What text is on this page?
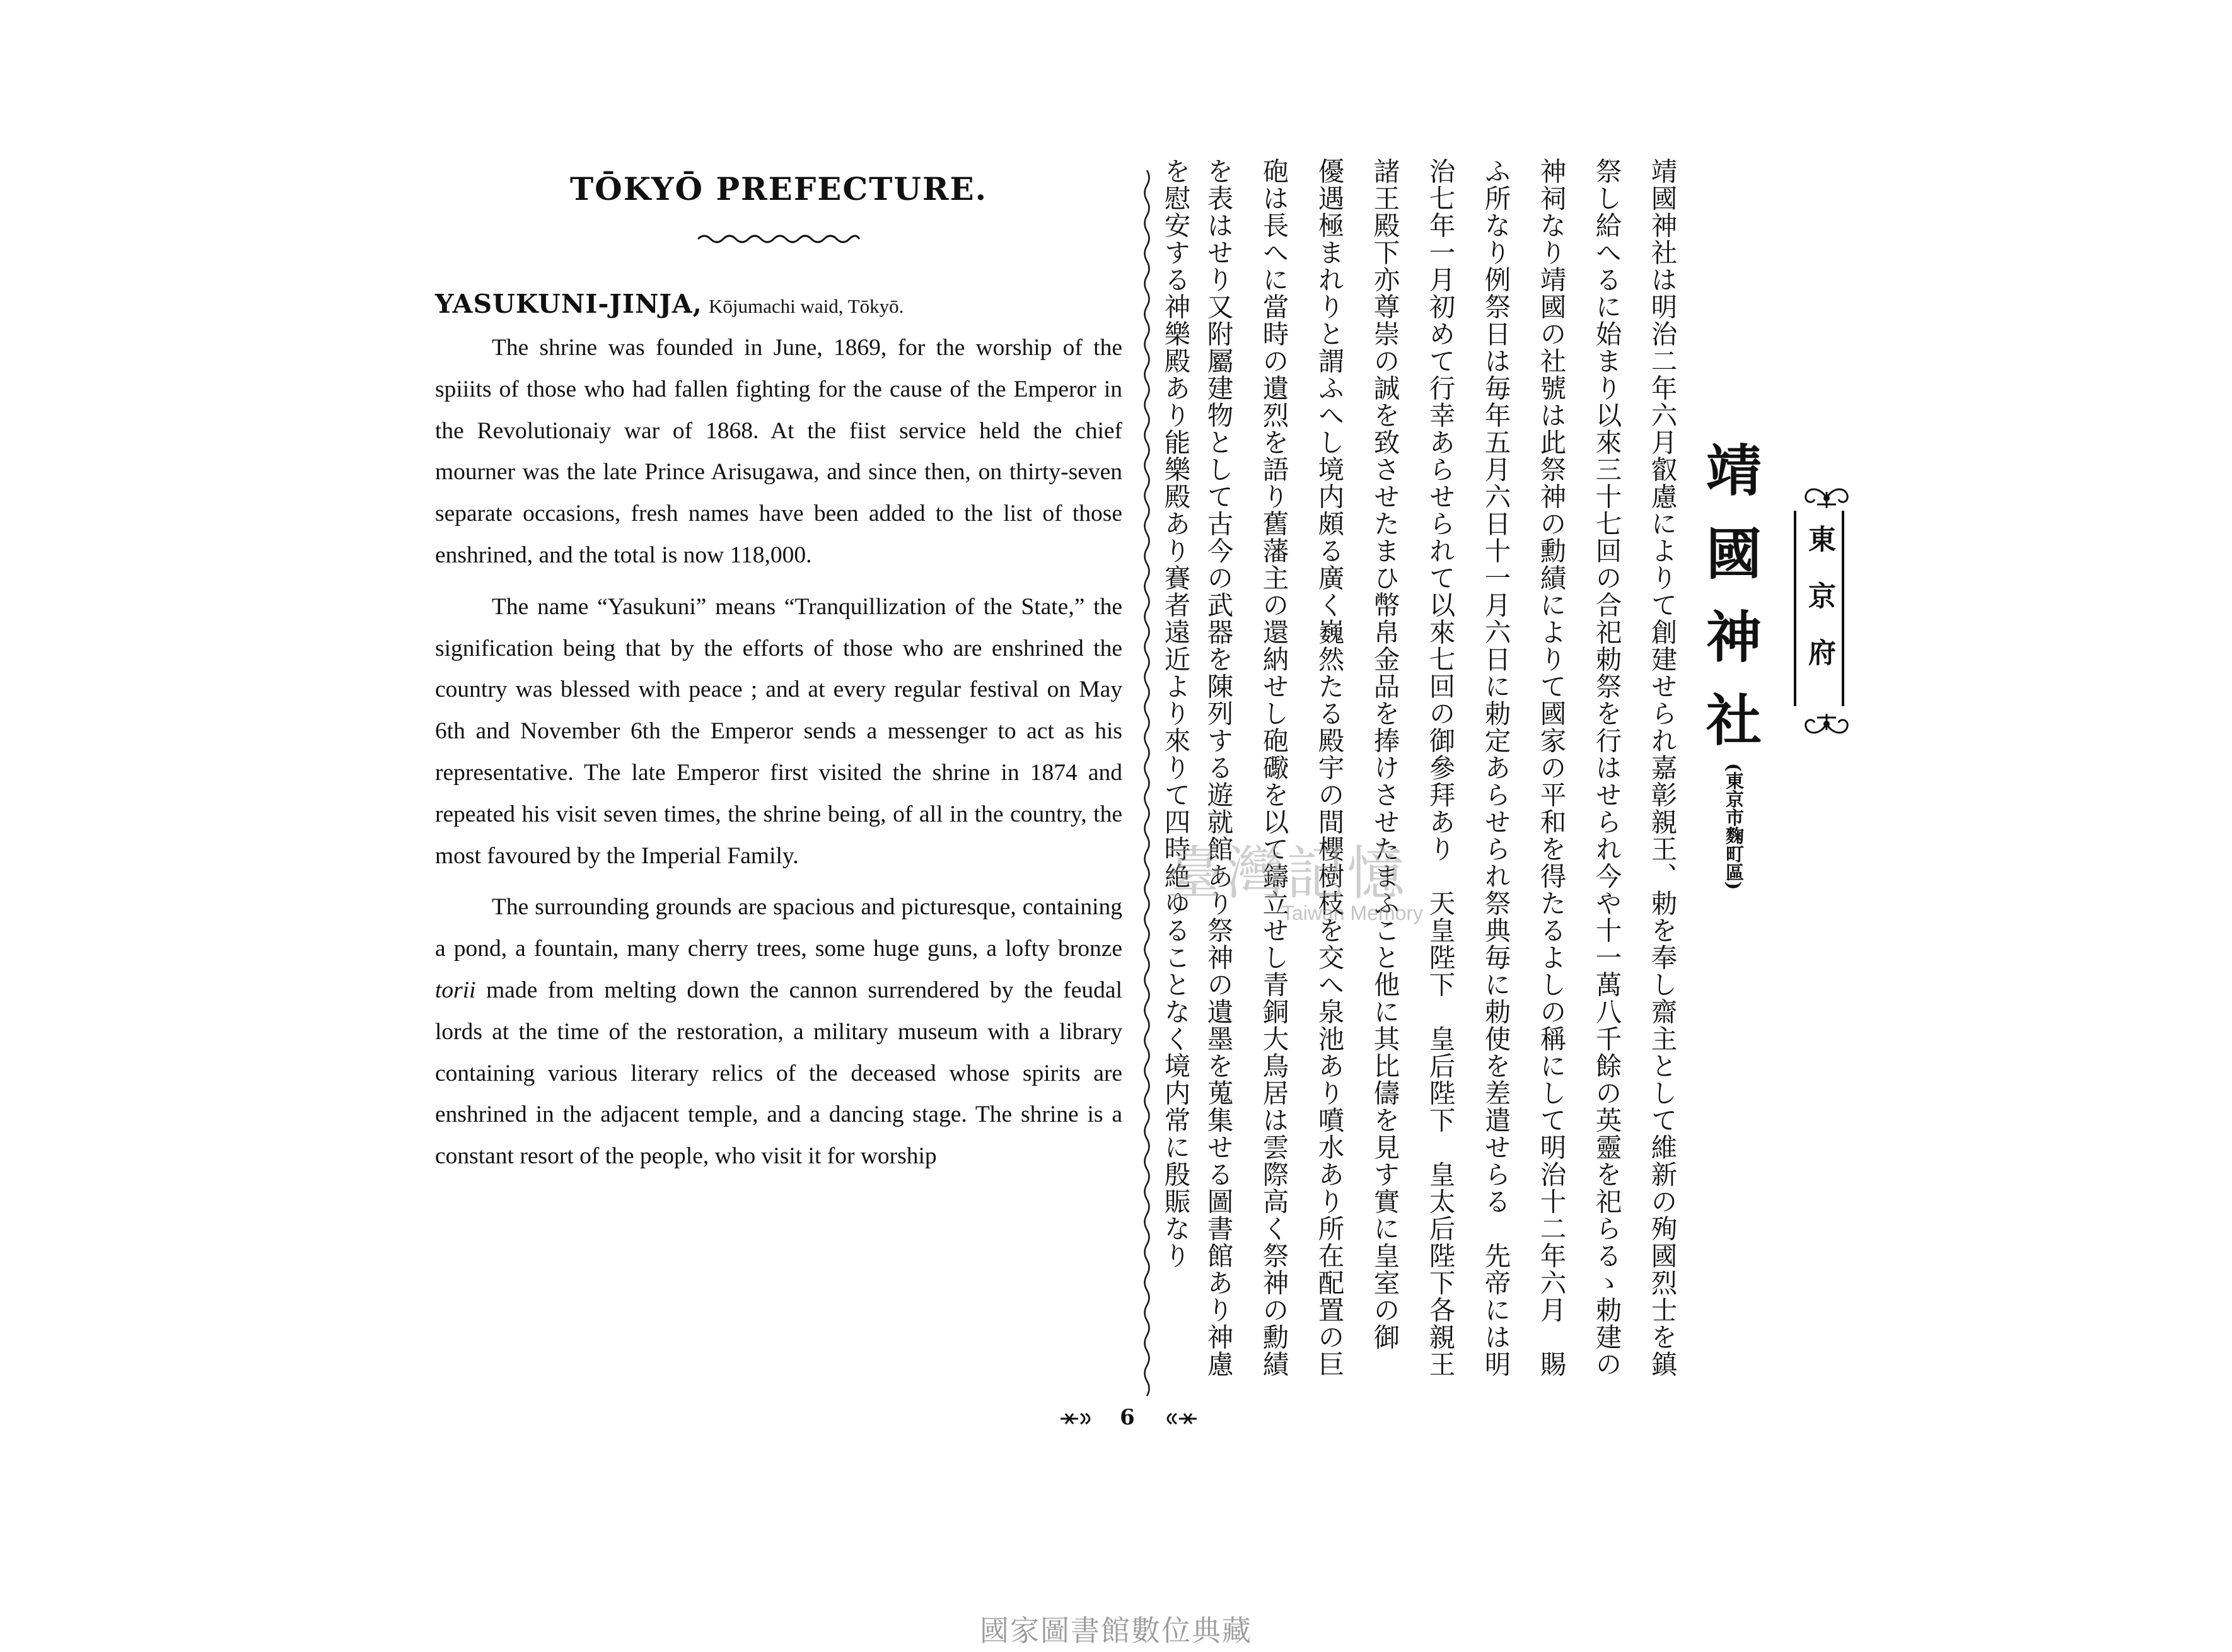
TŌKYŌ PREFECTURE.

YASUKUNI-JINJA, Kōjumachi waid, Tōkyō.

The shrine was founded in June, 1869, for the worship of the spiiits of those who had fallen fighting for the cause of the Emperor in the Revolutionaiy war of 1868. At the fiist service held the chief mourner was the late Prince Arisugawa, and since then, on thirty-seven separate occasions, fresh names have been added to the list of those enshrined, and the total is now 118,000.

The name “Yasukuni” means “Tranquillization of the State,” the signification being that by the efforts of those who are enshrined the country was blessed with peace ; and at every regular festival on May 6th and November 6th the Emperor sends a messenger to act as his representative. The late Emperor first visited the shrine in 1874 and repeated his visit seven times, the shrine being, of all in the country, the most favoured by the Imperial Family.

The surrounding grounds are spacious and picturesque, containing a pond, a fountain, many cherry trees, some huge guns, a lofty bronze torii made from melting down the cannon surrendered by the feudal lords at the time of the restoration, a military museum with a library containing various literary relics of the deceased whose spirits are enshrined in the adjacent temple, and a dancing stage. The shrine is a constant resort of the people, who visit it for worship	靖國神社は明治二年六月叡慮によりて創建せられ嘉彰親王、勅を奉し齋主として維新の殉國烈士を鎮
祭し給へるに始まり以來三十七回の合祀勅祭を行はせられ今や十一萬八千餘の英靈を祀らるゝ勅建の
神祠なり靖國の社號は此祭神の勳績によりて國家の平和を得たるよしの稱にして明治十二年六月　賜
ふ所なり例祭日は毎年五月六日十一月六日に勅定あらせられ祭典毎に勅使を差遣せらる　先帝には明
治七年一月初めて行幸あらせられて以來七回の御參拜あり　天皇陛下　皇后陛下　皇太后陛下各親王
諸王殿下亦尊崇の誠を致させたまひ幣帛金品を捧けさせたまふこと他に其比儔を見す實に皇室の御
優遇極まれりと謂ふへし境内頗る廣く巍然たる殿宇の間櫻樹枝を交へ泉池あり噴水あり所在配置の巨
砲は長へに當時の遺烈を語り舊藩主の還納せし砲礮を以て鑄立せし青銅大鳥居は雲際高く祭神の勳績
を表はせり又附屬建物として古今の武器を陳列する遊就館あり祭神の遺墨を蒐集せる圖書館あり神慮
を慰安する神樂殿あり能樂殿あり賽者遠近より來りて四時絶ゆることなく境内常に殷賑なり	靖國神社
(東京市麴町區)
東京府
6
臺灣記憶
Taiwan Memory
國家圖書館數位典藏
